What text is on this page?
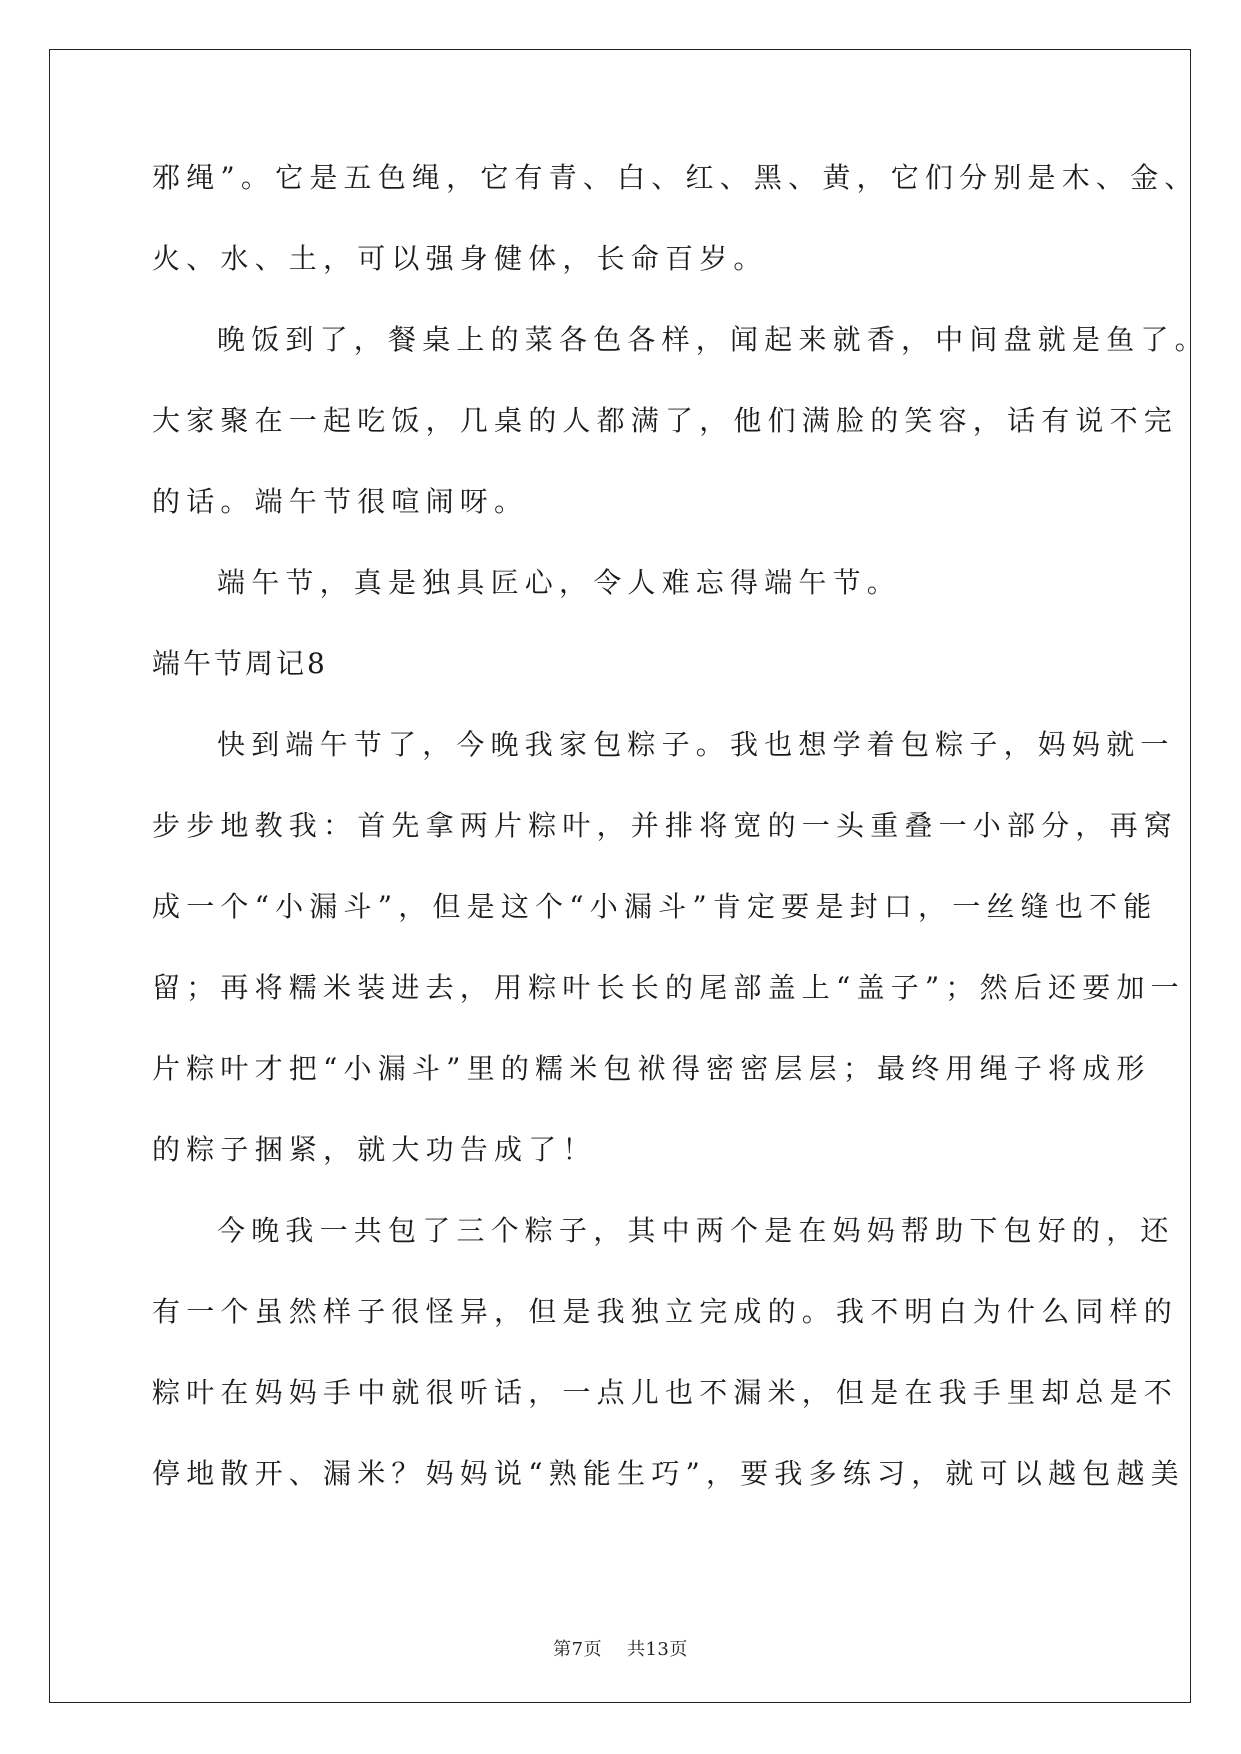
邪绳”。它是五色绳，它有青、白、红、黑、黄，它们分别是木、金、
火、水、土，可以强身健体，长命百岁。
晚饭到了，餐桌上的菜各色各样，闻起来就香，中间盘就是鱼了。
大家聚在一起吃饭，几桌的人都满了，他们满脸的笑容，话有说不完
的话。端午节很喧闹呀。
端午节，真是独具匠心，令人难忘得端午节。
端午节周记8
快到端午节了，今晚我家包粽子。我也想学着包粽子，妈妈就一
步步地教我：首先拿两片粽叶，并排将宽的一头重叠一小部分，再窝
成一个“小漏斗”，但是这个“小漏斗”肯定要是封口，一丝缝也不能
留；再将糯米装进去，用粽叶长长的尾部盖上“盖子”；然后还要加一
片粽叶才把“小漏斗”里的糯米包袱得密密层层；最终用绳子将成形
的粽子捆紧，就大功告成了！
今晚我一共包了三个粽子，其中两个是在妈妈帮助下包好的，还
有一个虽然样子很怪异，但是我独立完成的。我不明白为什么同样的
粽叶在妈妈手中就很听话，一点儿也不漏米，但是在我手里却总是不
停地散开、漏米？妈妈说“熟能生巧”，要我多练习，就可以越包越美
第7页 共13页
